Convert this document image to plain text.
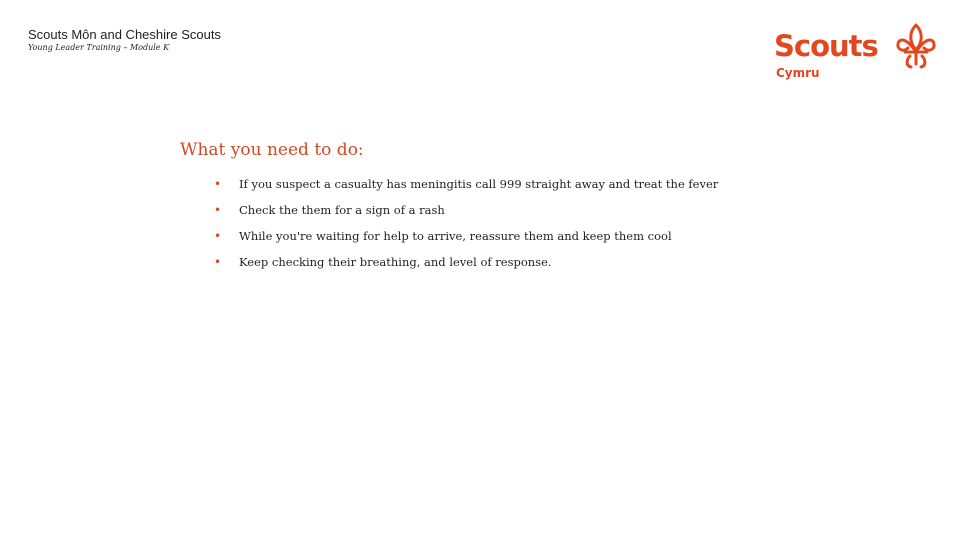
Scouts Môn and Cheshire Scouts
Young Leader Training – Module K	Scouts
Cymru
What you need to do:
• If you suspect a casualty has meningitis call 999 straight away and treat the fever
• Check the them for a sign of a rash
• While you're waiting for help to arrive, reassure them and keep them cool
• Keep checking their breathing, and level of response.
